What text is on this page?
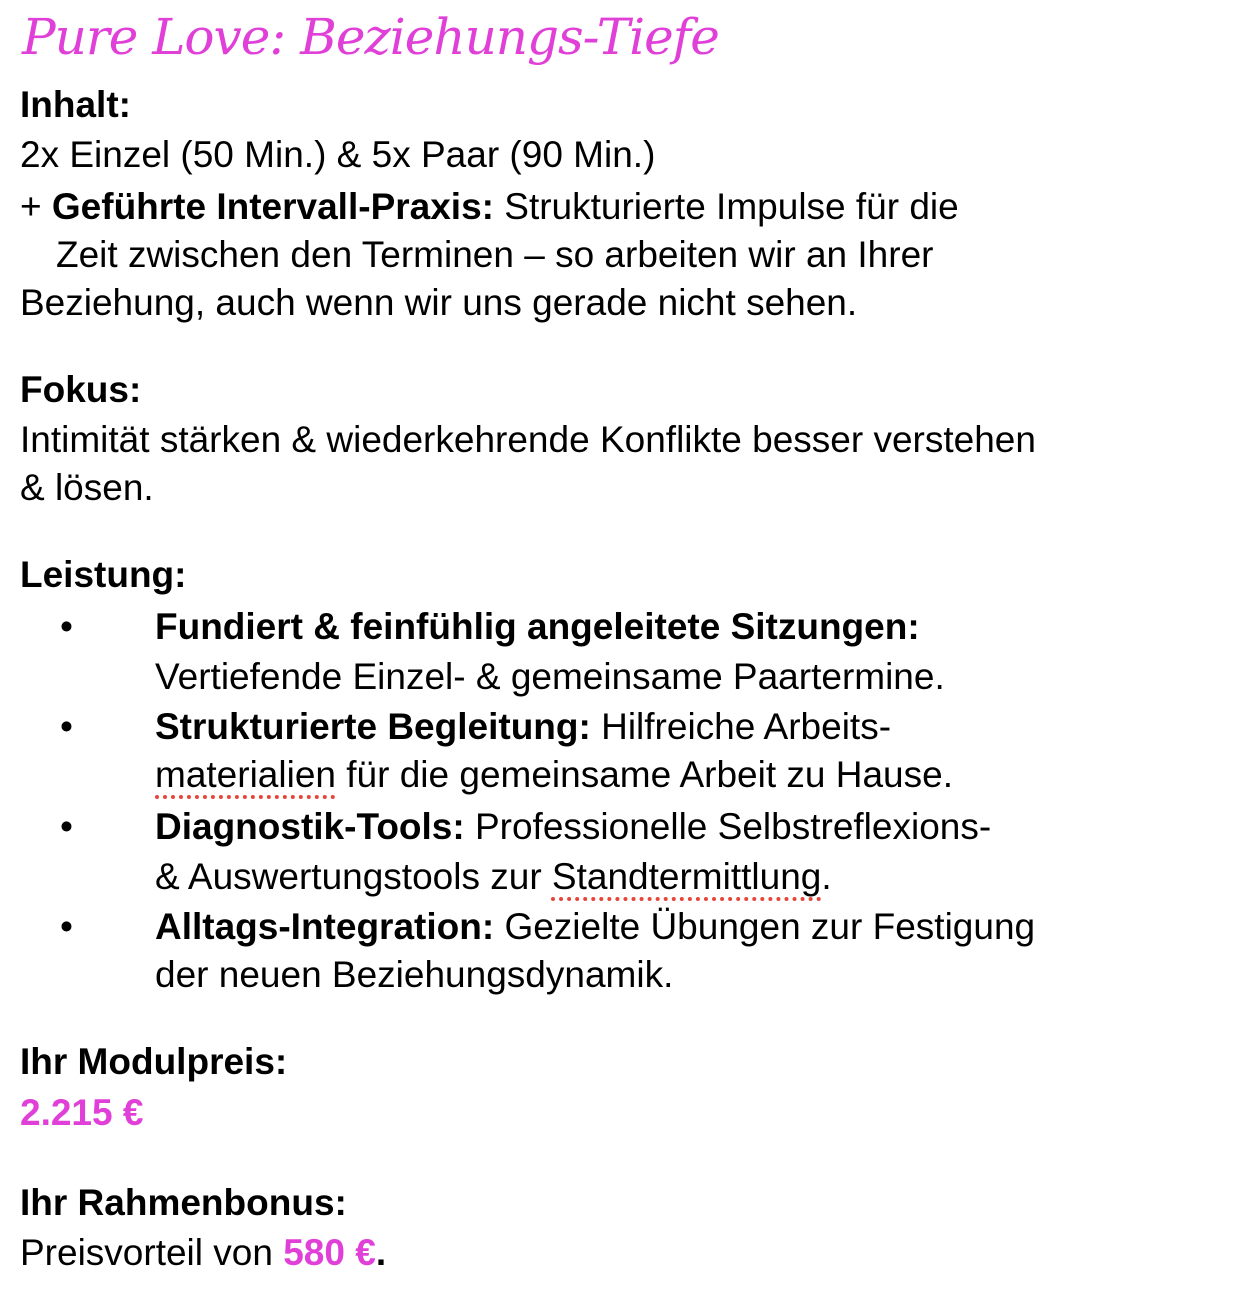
Pure Love: Beziehungs-Tiefe
Inhalt:
2x Einzel (50 Min.) & 5x Paar (90 Min.)
+ Geführte Intervall-Praxis: Strukturierte Impulse für die
Zeit zwischen den Terminen – so arbeiten wir an Ihrer
Beziehung, auch wenn wir uns gerade nicht sehen.
Fokus:
Intimität stärken & wiederkehrende Konflikte besser verstehen
& lösen.
Leistung:
• Fundiert & feinfühlig angeleitete Sitzungen:
Vertiefende Einzel- & gemeinsame Paartermine.
• Strukturierte Begleitung: Hilfreiche Arbeits-
materialien für die gemeinsame Arbeit zu Hause.
• Diagnostik-Tools: Professionelle Selbstreflexions-
& Auswertungstools zur Standtermittlung.
• Alltags-Integration: Gezielte Übungen zur Festigung
der neuen Beziehungsdynamik.
Ihr Modulpreis:
2.215 €
Ihr Rahmenbonus:
Preisvorteil von 580 €.
